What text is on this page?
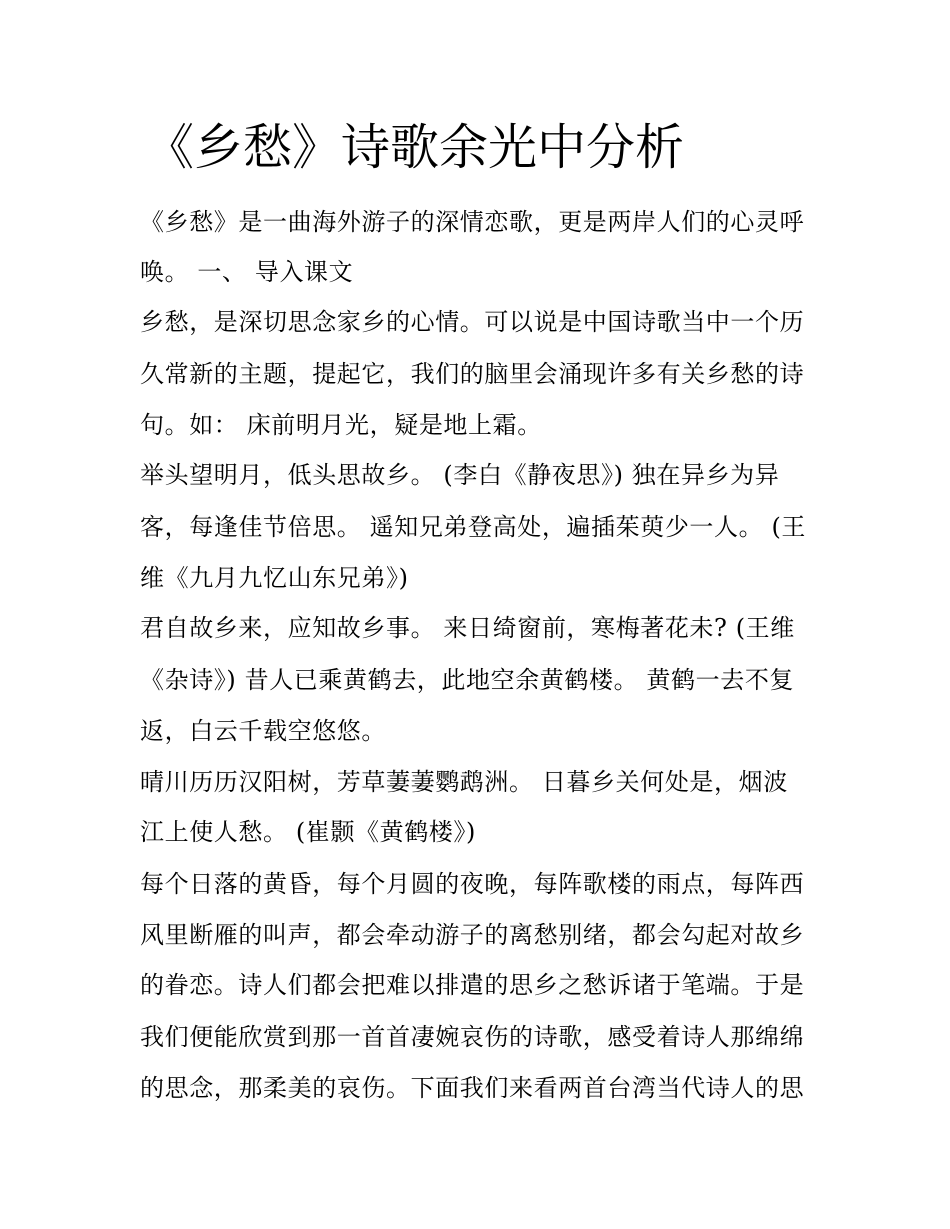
《乡愁》诗歌余光中分析

《乡愁》是一曲海外游子的深情恋歌，更是两岸人们的心灵呼

唤。 一、 导入课文

乡愁，是深切思念家乡的心情。可以说是中国诗歌当中一个历

久常新的主题，提起它，我们的脑里会涌现许多有关乡愁的诗

句。如： 床前明月光，疑是地上霜。

举头望明月，低头思故乡。 (李白《静夜思》) 独在异乡为异

客，每逢佳节倍思。 遥知兄弟登高处，遍插茱萸少一人。 (王

维《九月九忆山东兄弟》)

君自故乡来，应知故乡事。 来日绮窗前，寒梅著花未? (王维

《杂诗》) 昔人已乘黄鹤去，此地空余黄鹤楼。 黄鹤一去不复

返，白云千载空悠悠。

晴川历历汉阳树，芳草萋萋鹦鹉洲。 日暮乡关何处是，烟波

江上使人愁。 (崔颢《黄鹤楼》)

每个日落的黄昏，每个月圆的夜晚，每阵歌楼的雨点，每阵西

风里断雁的叫声，都会牵动游子的离愁别绪，都会勾起对故乡

的眷恋。诗人们都会把难以排遣的思乡之愁诉诸于笔端。于是

我们便能欣赏到那一首首凄婉哀伤的诗歌，感受着诗人那绵绵

的思念，那柔美的哀伤。下面我们来看两首台湾当代诗人的思
